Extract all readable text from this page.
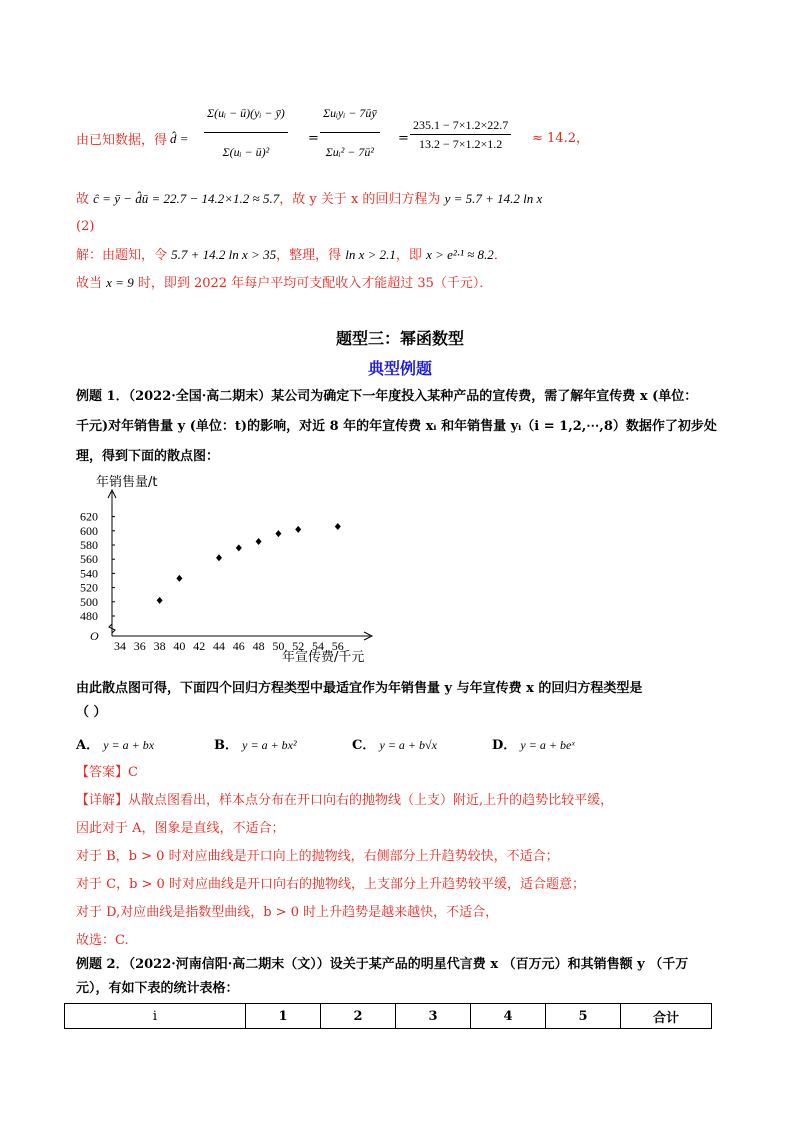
由已知数据，得 d̂ = $\frac{\text{Σ(uᵢ − ū)(yᵢ − ȳ)}}{\text{Σ(uᵢ − ū)²}}$ =
Σuᵢyᵢ − 7ūȳ
Σuᵢ² − 7ū²
= $\frac{235.1 - 7\times 1.2\times 22.7}{13.2 - 7\times 1.2\times 1.2} \approx 14.2$，
故 ĉ = ȳ − d̂ū = 22.7 − 14.2×1.2 ≈ 5.7，故 y 关于 x 的回归方程为 y = 5.7 + 14.2 ln x
(2)
解：由题知，令 5.7 + 14.2 ln x > 35，整理，得 ln x > 2.1，即 x > e²·¹ ≈ 8.2．
故当 x = 9 时，即到 2022 年每户平均可支配收入才能超过 35（千元）．
题型三：幂函数型
典型例题
例题 1．（2022·全国·高二期末）某公司为确定下一年度投入某种产品的宣传费，需了解年宣传费 x (单位：
千元)对年销售量 y (单位：t)的影响，对近 8 年的年宣传费 xᵢ 和年销售量 yᵢ（i = 1,2,⋯,8）数据作了初步处
理，得到下面的散点图：
年销售量/t
年宣传费/千元
O
480
500
520
540
560
580
600
620
34 36 38 40 42 44 46 48 50 52 54 56
由此散点图可得，下面四个回归方程类型中最适宜作为年销售量 y 与年宣传费 x 的回归方程类型是
（ ）
A． y = a + bx	B． y = a + bx²	C． y = a + b√x	D． y = a + beˣ
【答案】C
【详解】从散点图看出，样本点分布在开口向右的抛物线（上支）附近,上升的趋势比较平缓，
因此对于 A，图象是直线，不适合；
对于 B，b > 0 时对应曲线是开口向上的抛物线，右侧部分上升趋势较快，不适合；
对于 C，b > 0 时对应曲线是开口向右的抛物线，上支部分上升趋势较平缓，适合题意；
对于 D,对应曲线是指数型曲线，b > 0 时上升趋势是越来越快，不适合，
故选：C.
例题 2．（2022·河南信阳·高二期末（文））设关于某产品的明星代言费 x （百万元）和其销售额 y （千万
元），有如下表的统计表格：
i	1	2	3	4	5	合计
